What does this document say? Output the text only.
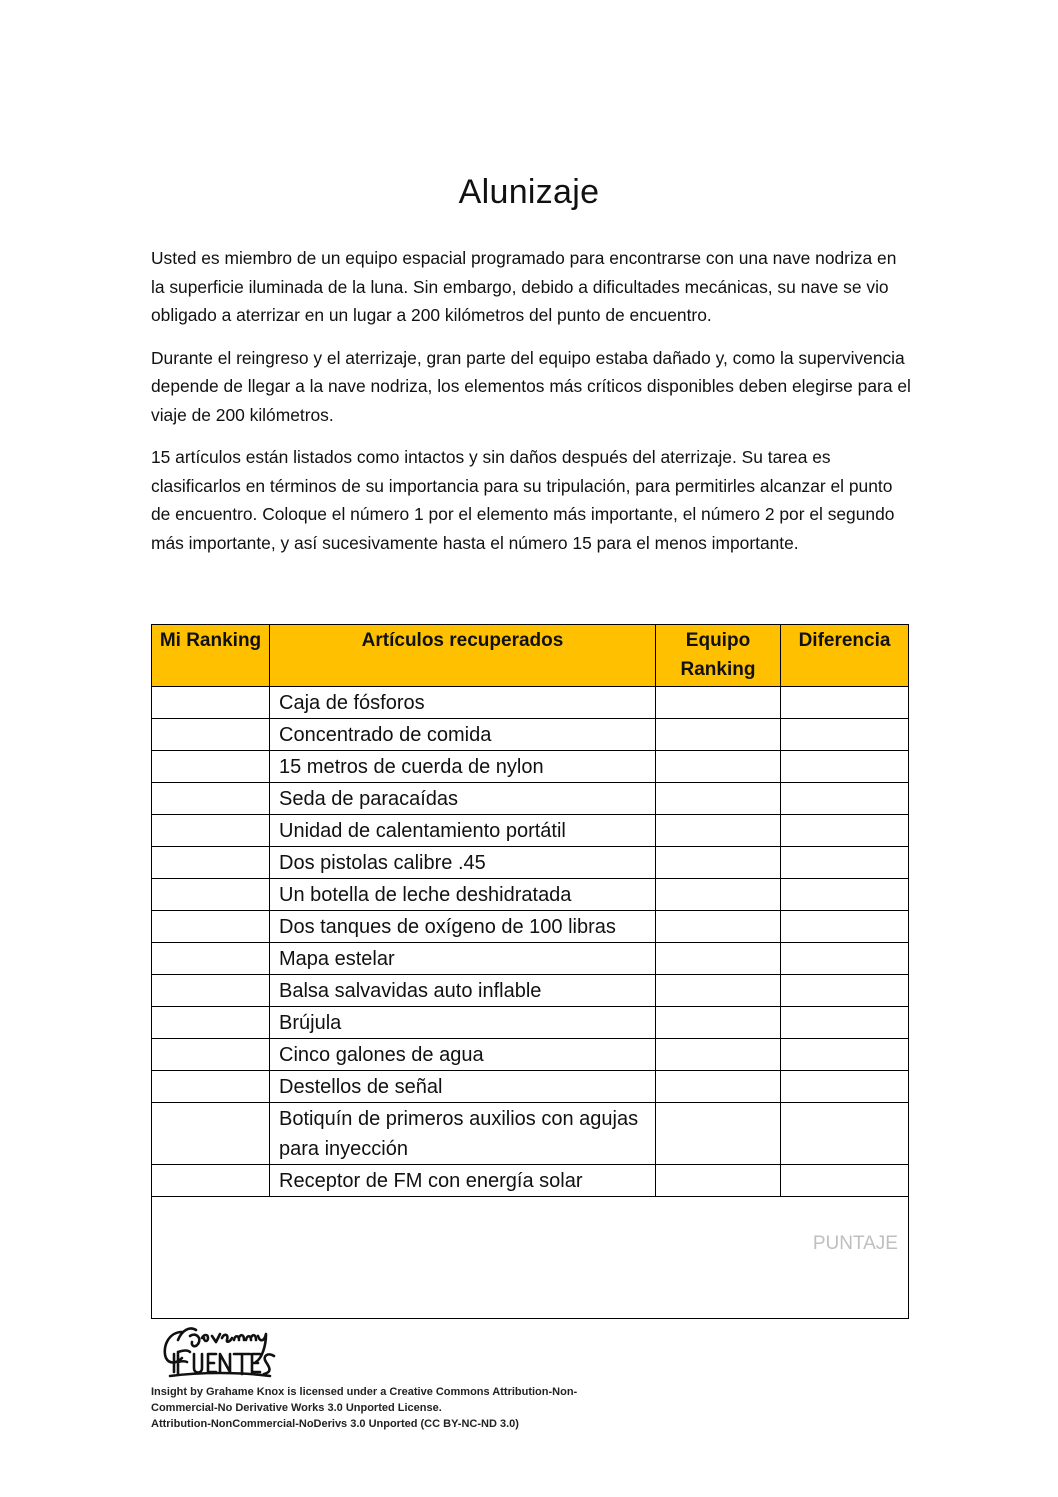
Alunizaje

Usted es miembro de un equipo espacial programado para encontrarse con una nave nodriza en la superficie iluminada de la luna. Sin embargo, debido a dificultades mecánicas, su nave se vio obligado a aterrizar en un lugar a 200 kilómetros del punto de encuentro.

Durante el reingreso y el aterrizaje, gran parte del equipo estaba dañado y, como la supervivencia depende de llegar a la nave nodriza, los elementos más críticos disponibles deben elegirse para el viaje de 200 kilómetros.

15 artículos están listados como intactos y sin daños después del aterrizaje. Su tarea es clasificarlos en términos de su importancia para su tripulación, para permitirles alcanzar el punto de encuentro. Coloque el número 1 por el elemento más importante, el número 2 por el segundo más importante, y así sucesivamente hasta el número 15 para el menos importante.

Mi Ranking	Artículos recuperados	Equipo Ranking	Diferencia
	Caja de fósforos		
	Concentrado de comida		
	15 metros de cuerda de nylon		
	Seda de paracaídas		
	Unidad de calentamiento portátil		
	Dos pistolas calibre .45		
	Un botella de leche deshidratada		
	Dos tanques de oxígeno de 100 libras		
	Mapa estelar		
	Balsa salvavidas auto inflable		
	Brújula		
	Cinco galones de agua		
	Destellos de señal		
	Botiquín de primeros auxilios con agujas para inyección		
	Receptor de FM con energía solar		
PUNTAJE			
Insight by Grahame Knox is licensed under a Creative Commons Attribution-Non-
Commercial-No Derivative Works 3.0 Unported License.
Attribution-NonCommercial-NoDerivs 3.0 Unported (CC BY-NC-ND 3.0)
